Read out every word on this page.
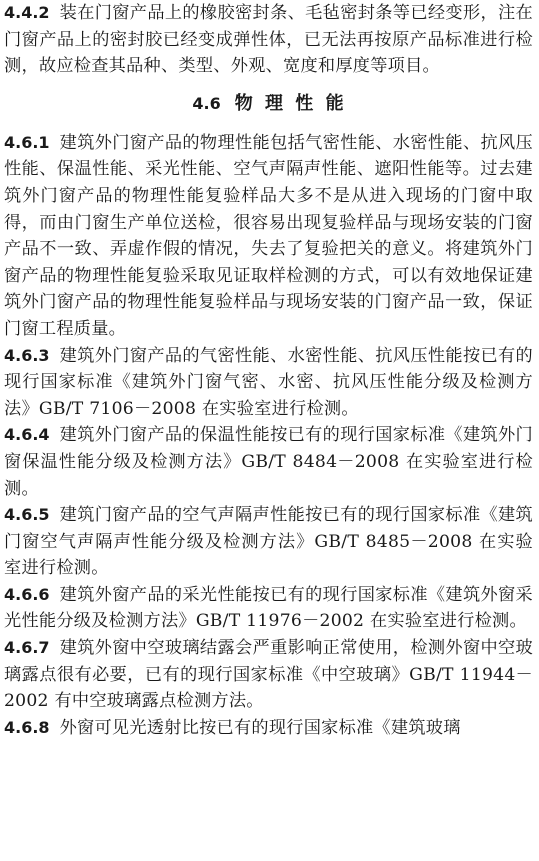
4.4.2 装在门窗产品上的橡胶密封条、毛毡密封条等已经变形，注在门窗产品上的密封胶已经变成弹性体，已无法再按原产品标准进行检测，故应检查其品种、类型、外观、宽度和厚度等项目。

4.6 物 理 性 能

4.6.1 建筑外门窗产品的物理性能包括气密性能、水密性能、抗风压性能、保温性能、采光性能、空气声隔声性能、遮阳性能等。过去建筑外门窗产品的物理性能复验样品大多不是从进入现场的门窗中取得，而由门窗生产单位送检，很容易出现复验样品与现场安装的门窗产品不一致、弄虚作假的情况，失去了复验把关的意义。将建筑外门窗产品的物理性能复验采取见证取样检测的方式，可以有效地保证建筑外门窗产品的物理性能复验样品与现场安装的门窗产品一致，保证门窗工程质量。

4.6.3 建筑外门窗产品的气密性能、水密性能、抗风压性能按已有的现行国家标准《建筑外门窗气密、水密、抗风压性能分级及检测方法》GB/T 7106－2008 在实验室进行检测。

4.6.4 建筑外门窗产品的保温性能按已有的现行国家标准《建筑外门窗保温性能分级及检测方法》GB/T 8484－2008 在实验室进行检测。

4.6.5 建筑门窗产品的空气声隔声性能按已有的现行国家标准《建筑门窗空气声隔声性能分级及检测方法》GB/T 8485－2008 在实验室进行检测。

4.6.6 建筑外窗产品的采光性能按已有的现行国家标准《建筑外窗采光性能分级及检测方法》GB/T 11976－2002 在实验室进行检测。

4.6.7 建筑外窗中空玻璃结露会严重影响正常使用，检测外窗中空玻璃露点很有必要，已有的现行国家标准《中空玻璃》GB/T 11944－2002 有中空玻璃露点检测方法。

4.6.8 外窗可见光透射比按已有的现行国家标准《建筑玻璃
